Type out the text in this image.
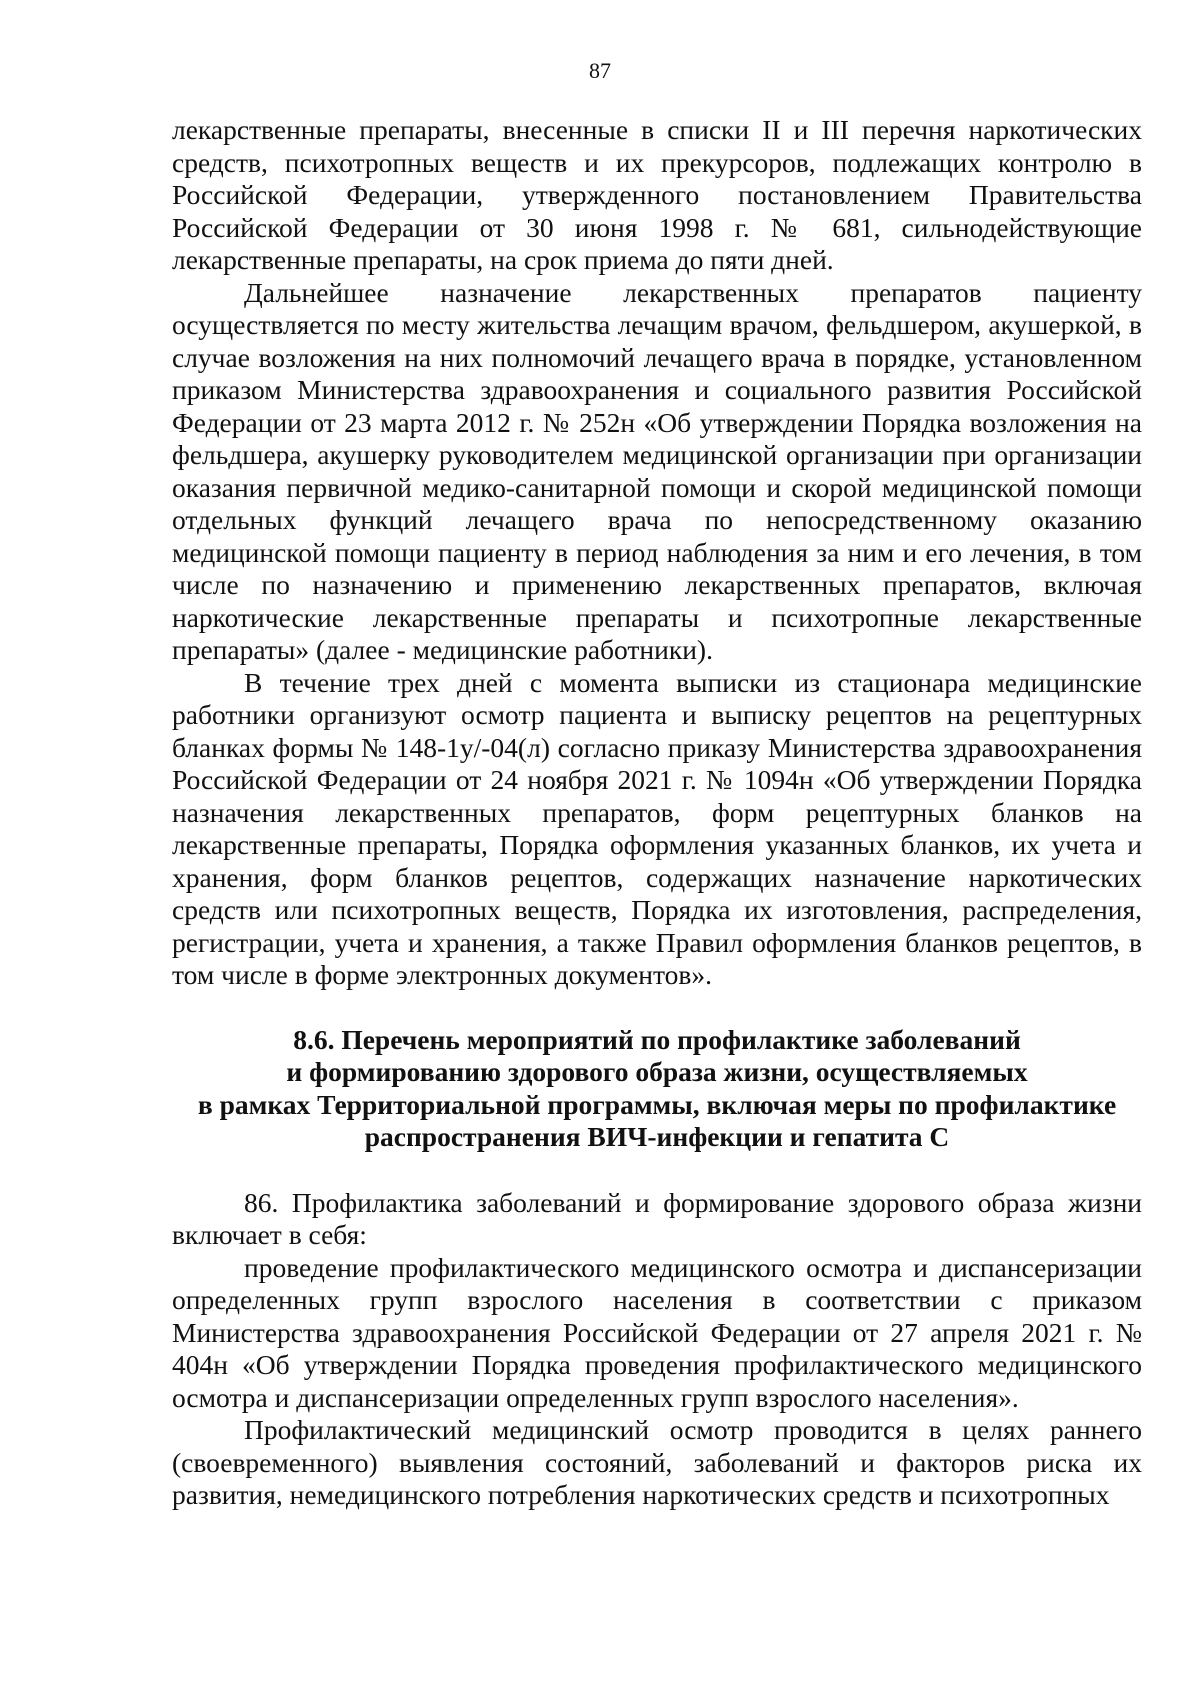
87

лекарственные препараты, внесенные в списки II и III перечня наркотических средств, психотропных веществ и их прекурсоров, подлежащих контролю в Российской Федерации, утвержденного постановлением Правительства Российской Федерации от 30 июня 1998 г. № 681, сильнодействующие лекарственные препараты, на срок приема до пяти дней.

Дальнейшее назначение лекарственных препаратов пациенту осуществляется по месту жительства лечащим врачом, фельдшером, акушеркой, в случае возложения на них полномочий лечащего врача в порядке, установленном приказом Министерства здравоохранения и социального развития Российской Федерации от 23 марта 2012 г. № 252н «Об утверждении Порядка возложения на фельдшера, акушерку руководителем медицинской организации при организации оказания первичной медико-санитарной помощи и скорой медицинской помощи отдельных функций лечащего врача по непосредственному оказанию медицинской помощи пациенту в период наблюдения за ним и его лечения, в том числе по назначению и применению лекарственных препаратов, включая наркотические лекарственные препараты и психотропные лекарственные препараты» (далее - медицинские работники).

В течение трех дней с момента выписки из стационара медицинские работники организуют осмотр пациента и выписку рецептов на рецептурных бланках формы № 148-1у/-04(л) согласно приказу Министерства здравоохранения Российской Федерации от 24 ноября 2021 г. № 1094н «Об утверждении Порядка назначения лекарственных препаратов, форм рецептурных бланков на лекарственные препараты, Порядка оформления указанных бланков, их учета и хранения, форм бланков рецептов, содержащих назначение наркотических средств или психотропных веществ, Порядка их изготовления, распределения, регистрации, учета и хранения, а также Правил оформления бланков рецептов, в том числе в форме электронных документов».

8.6. Перечень мероприятий по профилактике заболеваний
и формированию здорового образа жизни, осуществляемых
в рамках Территориальной программы, включая меры по профилактике
распространения ВИЧ-инфекции и гепатита С

86. Профилактика заболеваний и формирование здорового образа жизни включает в себя:

проведение профилактического медицинского осмотра и диспансеризации определенных групп взрослого населения в соответствии с приказом Министерства здравоохранения Российской Федерации от 27 апреля 2021 г. № 404н «Об утверждении Порядка проведения профилактического медицинского осмотра и диспансеризации определенных групп взрослого населения».

Профилактический медицинский осмотр проводится в целях раннего (своевременного) выявления состояний, заболеваний и факторов риска их развития, немедицинского потребления наркотических средств и психотропных
